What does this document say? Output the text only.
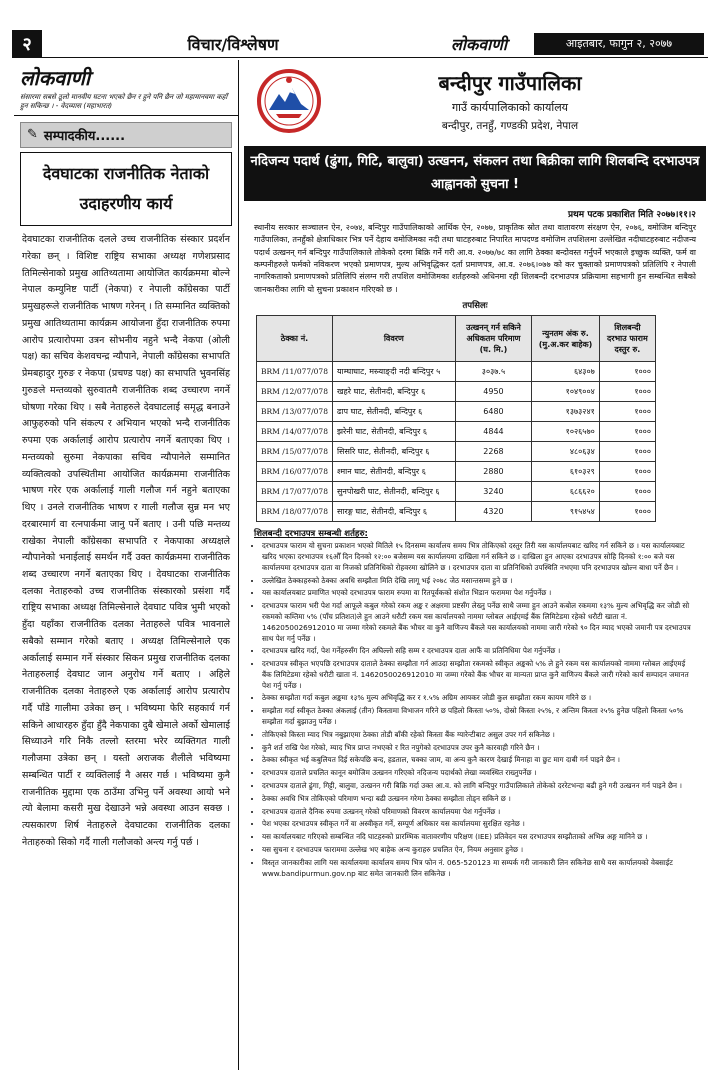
२	विचार/विश्लेषण	लोकवाणी	आइतबार, फागुन २, २०७७
लोकवाणी
संसारमा सबसे ठूलो मानवीय घटना भएको छैन र हुने पनि छैन जो महामानवमा कहाँ हुन सकिन्छ । - वेदव्यास (महाभारत)
✎ सम्पादकीय......
देवघाटका राजनीतिक नेताको उदाहरणीय कार्य
देवघाटका राजनीतिक दलले उच्च राजनीतिक संस्कार प्रदर्शन गरेका छन् । विशिष्ट राष्ट्रिय सभाका अध्यक्ष गणेशप्रसाद तिमिल्सेनाको प्रमुख आतिथ्यतामा आयोजित कार्यक्रममा बोल्ने नेपाल कम्युनिष्ट पार्टी (नेकपा) र नेपाली काँग्रेसका पार्टी प्रमुखहरूले राजनीतिक भाषण गरेनन् । ति सम्मानित व्यक्तिको प्रमुख आतिथ्यतामा कार्यक्रम आयोजना हुँदा राजनीतिक रुपमा आरोप प्रत्यारोपमा उत्रन सोभनीय नहुने भन्दै नेकपा (ओली पक्ष) का सचिव केशवचन्द्र न्यौपाने, नेपाली काँग्रेसका सभापति प्रेमबहादुर गुरुङ र नेकपा (प्रचण्ड पक्ष) का सभापति भुवनसिंह गुरुङले मन्तव्यको सुरुवातमै राजनीतिक शब्द उच्चारण नगर्ने घोषणा गरेका थिए । सबै नेताहरुले देवघाटलाई समृद्ध बनाउने आफुहरुको पनि संकल्प र अभियान भएको भन्दै राजनीतिक रुपमा एक अर्कालाई आरोप प्रत्यारोप नगर्ने बताएका थिए । मन्तव्यको सुरुमा नेकपाका सचिव न्यौपानेले सम्मानित व्यक्तित्वको उपस्थितीमा आयोजित कार्यक्रममा राजनीतिक भाषण गरेर एक अर्कालाई गाली गलौज गर्न नहुने बताएका थिए । उनले राजनीतिक भाषण र गाली गलौज सुन्न मन भए दरबारमार्ग वा रत्नपार्कमा जानु पर्ने बताए । उनी पछि मन्तव्य राखेका नेपाली काँग्रेसका सभापति र नेकपाका अध्यक्षले न्यौपानेको भनाईलाई समर्थन गर्दै उक्त कार्यक्रममा राजनीतिक शब्द उच्चारण नगर्ने बताएका थिए । देवघाटका राजनीतिक दलका नेताहरुको उच्च राजनीतिक संस्कारको प्रसंशा गर्दै राष्ट्रिय सभाका अध्यक्ष तिमिल्सेनाले देवघाट पवित्र भुमी भएको हुँदा यहाँका राजनीतिक दलका नेताहरुले पवित्र भावनाले सबैको सम्मान गरेको बताए । अध्यक्ष तिमिल्सेनाले एक अर्कालाई सम्मान गर्ने संस्कार सिकन प्रमुख राजनीतिक दलका नेताहरुलाई देवघाट जान अनुरोध गर्ने बताए । अहिले राजनीतिक दलका नेताहरुले एक अर्कालाई आरोप प्रत्यारोप गर्दै पाँडे गालीमा उत्रेका छन् । भविष्यमा फेरि सहकार्य गर्न सकिने आधारहरु हुँदा हुँदै नेकपाका दुबै खेमाले अर्को खेमालाई सिध्याउने गरि निकै तल्लो स्तरमा भरेर व्यक्तिगत गाली गलौजमा उत्रेका छन् । यस्तो अराजक शैलीले भविष्यमा सम्बन्धित पार्टी र व्यक्तिलाई नै असर गर्छ । भविष्यमा कुनै राजनीतिक मुद्दामा एक ठाउँमा उभिनु पर्ने अवस्था आयो भने त्यो बेलामा कसरी मुख देखाउने भन्ने अवस्था आउन सक्छ । त्यसकारण शिर्ष नेताहरुले देवघाटका राजनीतिक दलका नेताहरुको सिको गर्दै गाली गलौजको अन्त्य गर्नु पर्छ ।
बन्दीपुर गाउँपालिका
गाउँ कार्यपालिकाको कार्यालय
बन्दीपुर, तनहुँ, गण्डकी प्रदेश, नेपाल
नदिजन्य पदार्थ (ढुंगा, गिटि, बालुवा) उत्खनन, संकलन तथा बिक्रीका लागि शिलबन्दि दरभाउपत्र आह्वानको सुचना !
प्रथम पटक प्रकाशित मिति २०७७।११।२
स्थानीय सरकार सञ्चालन ऐन, २०७४, बन्दिपुर गाउँपालिकाको आर्थिक ऐन, २०७७, प्राकृतिक स्रोत तथा वातावरण संरक्षण ऐन, २०७६, वमोजिम बन्दिपुर गाउँपालिका, तनहुँको क्षेत्राधिकार भित्र पर्ने देहाय वमोजिमका नदी तथा घाटहरुबाट निपारित मापदण्ड वमोजिम तपशिलमा उल्लेखित नदीघाटहरुबाट नदीजन्य पदार्थ उत्खनन् गर्न बन्दिपुर गाउँपालिकाले तोकेको दरमा बिक्रि गर्ने गरी आ.व. २०७७/७८ का लागि ठेक्का बन्दोवस्त गर्नुपर्ने भएकाले इच्छुक व्यक्ति, फर्म वा कम्पनीहरुले फर्मको नविकरण भएको प्रमाणपत्र, मुल्य अभिवृद्धिकर दर्ता प्रमाणपत्र, आ.व. २०७६।०७७ को कर चुक्ताको प्रमाणपत्रको प्रतिलिपि र नेपाली नागरिकताको प्रमाणपत्रको प्रतिलिपि संलग्न गरी तपशिल वमोजिमका शर्तहरुको अधिनमा रही शिलबन्दी दरभाउपत्र प्रक्रियामा सहभागी हुन सम्बन्धित सबैको जानकारीका लागि यो सुचना प्रकाशन गरिएको छ ।
तपसिलः
ठेक्का नं.	विवरण	उत्खनन् गर्न सकिने अधिकतम परिमाण (घ. मि.)	न्युनतम अंक रु. (मु.अ.कर बाहेक)	शिलबन्दी दरभाउ फाराम दस्तुर रु.
BRM /11/077/078	याम्घाघाट, मस्र्याङ्दी नदी बन्दिपुर ५	३०३७.५	६४३०७	१०००
BRM /12/077/078	खहरे घाट, सेतीनदी, बन्दिपुर ६	4950	१०४९००४	१०००
BRM /13/077/078	ढाप घाट, सेतीनदी, बन्दिपुर ६	6480	१३७३२४१	१०००
BRM /14/077/078	झरेनी घाट, सेतीनदी, बन्दिपुर ६	4844	१०२६५७०	१०००
BRM /15/077/078	सिसरि घाट, सेतीनदी, बन्दिपुर ६	2268	४८०६३४	१०००
BRM /16/077/078	श्मान घाट, सेतीनदी, बन्दिपुर ६	2880	६१०३२९	१०००
BRM /17/077/078	सुनपोखरी घाट, सेतीनदी, बन्दिपुर ६	3240	६८६६२०	१०००
BRM /18/077/078	सारङ्ग घाट, सेतीनदी, बन्दिपुर ६	4320	९१५४५४	१०००
शिलबन्दी दरभाउपत्र सम्बन्धी शर्तहरु:
• दरभाउपत्र फाराम यो सुचना प्रकाशन भएको मितिले १५ दिनसम्म कार्यालय समय भित्र तोकिएको दस्तुर तिरी यस कार्यालयबाट खरिद गर्न सकिने छ । यस कार्यालयबाट खरिद भएका दरभाउपत्र १६औँ दिन दिनको १२:०० बजेसम्म यस कार्यालयमा दाखिला गर्न सकिने छ । दाखिला हुन आएका दरभाउपत्र सोहि दिनको १:०० बजे यस कार्यालयमा दरभाउपत्र दाता वा निजको प्रतिनिधिको रोहवरमा खोलिने छ । दरभाउपत्र दाता वा प्रतिनिधिको उपस्थिति नभएमा पनि दरभाउपत्र खोल्न बाधा पर्ने छैन ।
• उल्लेखित ठेक्काहरुको ठेक्का अवधि सम्झौता मिति देखि लागू भई २०७८ जेठ मसान्तसम्म हुने छ ।
• यस कार्यालयबाट प्रमाणित भएको दरभाउपत्र फाराम रुपमा वा रितपूर्वकको संशोत भिडान फराममा पेश गर्नुपर्नेछ ।
• दरभाउपत्र फाराम भरी पेश गर्दा आफूले कबुल गरेको रकम अङ्क र अक्षरमा प्रष्टसँग लेख्नु पर्नेछ साथै जम्मा हुन आउने कबोल रकममा १३% मुल्य अभिवृद्धि कर जोडी सो रकमको कम्तिमा ५% (पाँच प्रतिशत)ले हुन आउने धरौटी रकम यस कार्यालयको नाममा ग्लोबल आईएमई बैंक लिमिटेडमा रहेको धरौटी खाता नं. 1462050026912010 मा जम्मा गरेको रकमले बैंक भौचर वा कुनै वाणिज्य बैंकले यस कार्यालयको नाममा जारी गरेको ९० दिन म्याद भएको जमानी पत्र दरभाउपत्र साथ पेश गर्नु पर्नेछ ।
• दरभाउपत्र खरिद गर्दा, पेश गर्नेहरुसँग दिन अघिल्लो सहि सम्म र दरभाउपत्र दाता आफैं वा प्रतिनिधिमा पेश गर्नुपर्नेछ ।
• दरभाउपत्र स्वीकृत भएपछि दरभाउपत्र दाताले ठेक्का सम्झौता गर्न आउदा सम्झौता रकमको स्वीकृत अङ्कको ५% ले हुने रकम यस कार्यालयको नाममा ग्लोबल आईएमई बैंक लिमिटेडमा रहेको धरौटी खाता नं. 1462050026912010 मा जम्मा गरेको बैंक भौचर वा मान्यता प्राप्त कुनै वाणिज्य बैंकले जारी गरेको कार्य सम्पादन जमानत पेश गर्नु पर्नेछ ।
• ठेक्का सम्झौता गर्दा कबुल अङ्कमा १३% मुल्य अभिवृद्धि कर र १.५% अग्रिम आयकर जोडी कुल सम्झौता रकम कायम गरिने छ ।
• सम्झौता गर्दा स्वीकृत ठेक्का अंकलाई (तीन) किस्तामा विभाजन गरिने छ पहिलो किस्ता ५०%, दोस्रो किस्ता २५%, र अन्तिम किस्ता २५% हुनेछ पहिलो किस्ता ५०% सम्झौता गर्दा बुझाउनु पर्नेछ ।
• तोकिएको किस्ता म्याद भित्र नबुझाएमा ठेक्का तोडी बाँकी रहेको किस्ता बैंक ग्यारेन्टीबाट असुल उपर गर्न सकिनेछ ।
• कुनै शर्त राखि पेश गरेको, म्याद भित्र प्राप्त नभएको र रित नपुगेको दरभाउपत्र उपर कुनै कारवाही गरिने छैन ।
• ठेक्का स्वीकृत भई कबुलियत दिई सकेपछि बन्द, हडताल, चक्का जाम, वा अन्य कुनै कारण देखाई मिनाहा वा छुट माग दाबी गर्न पाइने छैन ।
• दरभाउपत्र दाताले प्रचलित कानून बमोजिम उत्खनन गरिएको नदिजन्य पदार्थको लेखा व्यवस्थित राख्नुपर्नेछ ।
• दरभाउपत्र दाताले ढुंगा, गिट्टी, बालुवा, उत्खनन गरी बिक्रि गर्दा उक्त आ.व. को लागि बन्दिपुर गाउँपालिकाले तोकेको दररेटभन्दा बढी हुने गरी उत्खनन गर्न पाइने छैन ।
• ठेक्का अवधि भित्र तोकिएको परिमाण भन्दा बढी उत्खनन गरेमा ठेक्का सम्झौता तोड्न सकिने छ ।
• दरभाउपत्र दाताले दैनिक रुपमा उत्खनन् गरेको परिमाणको विवरण कार्यालयमा पेश गर्नुपर्नेछ ।
• पेश भएका दरभाउपत्र स्वीकृत गर्ने वा अस्वीकृत गर्ने, सम्पूर्ण अधिकार यस कार्यालयमा सुरक्षित रहनेछ ।
• यस कार्यालयबाट गरिएको सम्बन्धित नदि घाटहरुको प्रारम्भिक वातावरणीय परिक्षण (IEE) प्रतिवेदन यस दरभाउपत्र सम्झौताको अभिन्न अङ्ग मानिने छ ।
• यस सुचना र दरभाउपत्र फाराममा उल्लेख भए बाहेक अन्य कुराहरु प्रचलित ऐन, नियम अनुसार हुनेछ ।
• विस्तृत जानकारीका लागि यस कार्यालयमा कार्यालय समय भित्र फोन नं. 065-520123 मा सम्पर्क गरी जानकारी लिन सकिनेछ साथै यस कार्यालयको वेबसाईट www.bandipurmun.gov.np बाट समेत जानकारी लिन सकिनेछ ।
